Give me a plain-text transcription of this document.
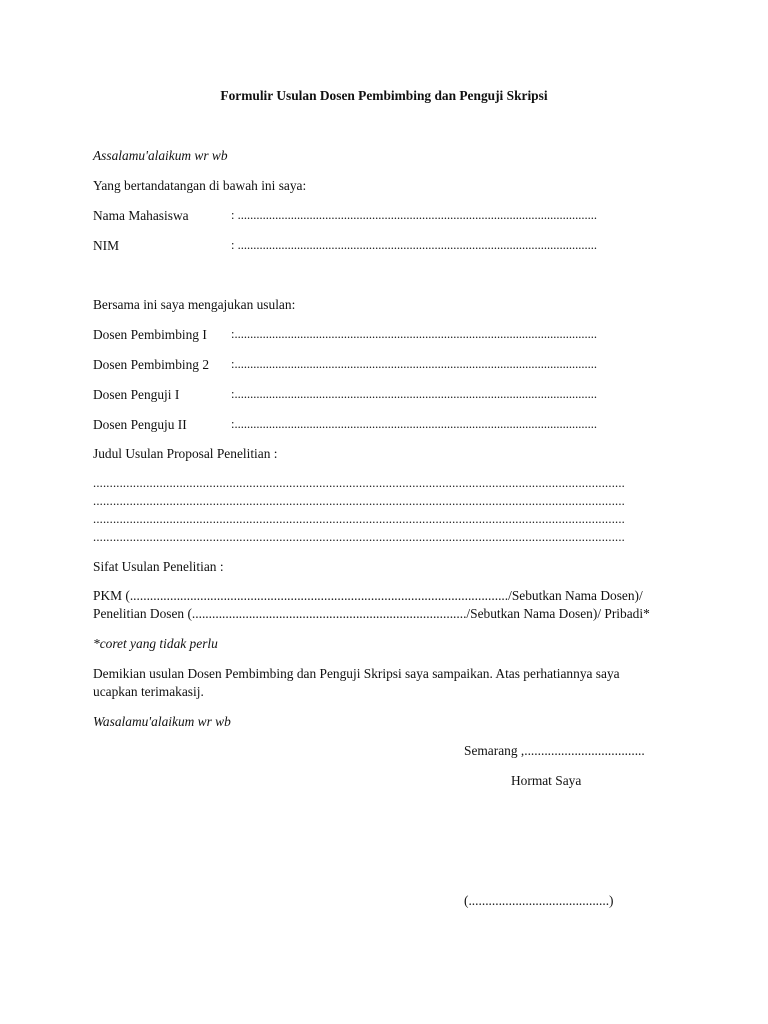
Formulir Usulan Dosen Pembimbing dan Penguji Skripsi
Assalamu'alaikum wr wb
Yang bertandatangan di bawah ini saya:
Nama Mahasiswa	: ...................................................................................................................
NIM	: ...................................................................................................................
Bersama ini saya mengajukan usulan:
Dosen Pembimbing I :....................................................................................................................
Dosen Pembimbing 2 :....................................................................................................................
Dosen Penguji I	:....................................................................................................................
Dosen Penguju II	:....................................................................................................................
Judul Usulan Proposal Penelitian :
................................................................................................................................................................
................................................................................................................................................................
................................................................................................................................................................
................................................................................................................................................................
Sifat Usulan Penelitian :
PKM (................................................................................................................./Sebutkan Nama Dosen)/
Penelitian Dosen (................................................................................../Sebutkan Nama Dosen)/ Pribadi*
*coret yang tidak perlu
Demikian usulan Dosen Pembimbing dan Penguji Skripsi saya sampaikan. Atas perhatiannya saya
ucapkan terimakasij.
Wasalamu'alaikum wr wb
Semarang ,....................................
Hormat Saya
(..........................................)
